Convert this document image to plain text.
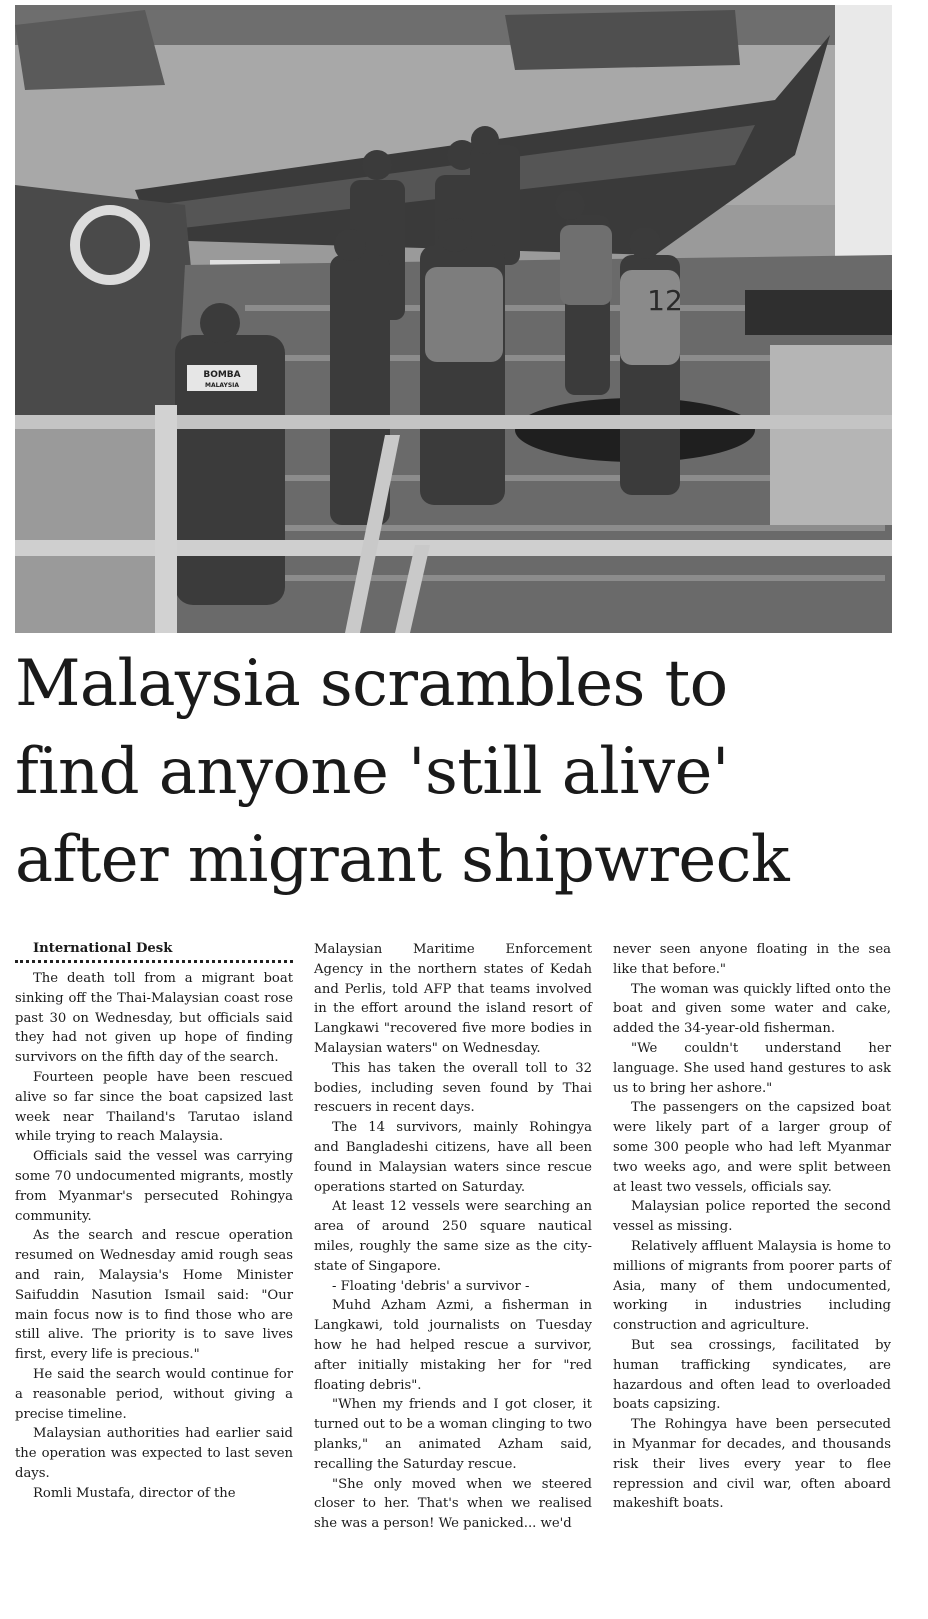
BOMBA
MALAYSIA
12
Malaysia scrambles to
find anyone 'still alive'
after migrant shipwreck

International Desk

The death toll from a migrant boat sinking off the Thai-Malaysian coast rose past 30 on Wednesday, but officials said they had not given up hope of finding survivors on the fifth day of the search.

Fourteen people have been rescued alive so far since the boat capsized last week near Thailand's Tarutao island while trying to reach Malaysia.

Officials said the vessel was carrying some 70 undocumented migrants, mostly from Myanmar's persecuted Rohingya community.

As the search and rescue operation resumed on Wednesday amid rough seas and rain, Malaysia's Home Minister Saifuddin Nasution Ismail said: "Our main focus now is to find those who are still alive. The priority is to save lives first, every life is precious."

He said the search would continue for a reasonable period, without giving a precise timeline.

Malaysian authorities had earlier said the operation was expected to last seven days.

Romli Mustafa, director of the

Malaysian Maritime Enforcement Agency in the northern states of Kedah and Perlis, told AFP that teams involved in the effort around the island resort of Langkawi "recovered five more bodies in Malaysian waters" on Wednesday.

This has taken the overall toll to 32 bodies, including seven found by Thai rescuers in recent days.

The 14 survivors, mainly Rohingya and Bangladeshi citizens, have all been found in Malaysian waters since rescue operations started on Saturday.

At least 12 vessels were searching an area of around 250 square nautical miles, roughly the same size as the city-state of Singapore.

- Floating 'debris' a survivor -

Muhd Azham Azmi, a fisherman in Langkawi, told journalists on Tuesday how he had helped rescue a survivor, after initially mistaking her for "red floating debris".

"When my friends and I got closer, it turned out to be a woman clinging to two planks," an animated Azham said, recalling the Saturday rescue.

"She only moved when we steered closer to her. That's when we realised she was a person! We panicked... we'd

never seen anyone floating in the sea like that before."

The woman was quickly lifted onto the boat and given some water and cake, added the 34-year-old fisherman.

"We couldn't understand her language. She used hand gestures to ask us to bring her ashore."

The passengers on the capsized boat were likely part of a larger group of some 300 people who had left Myanmar two weeks ago, and were split between at least two vessels, officials say.

Malaysian police reported the second vessel as missing.

Relatively affluent Malaysia is home to millions of migrants from poorer parts of Asia, many of them undocumented, working in industries including construction and agriculture.

But sea crossings, facilitated by human trafficking syndicates, are hazardous and often lead to overloaded boats capsizing.

The Rohingya have been persecuted in Myanmar for decades, and thousands risk their lives every year to flee repression and civil war, often aboard makeshift boats.
